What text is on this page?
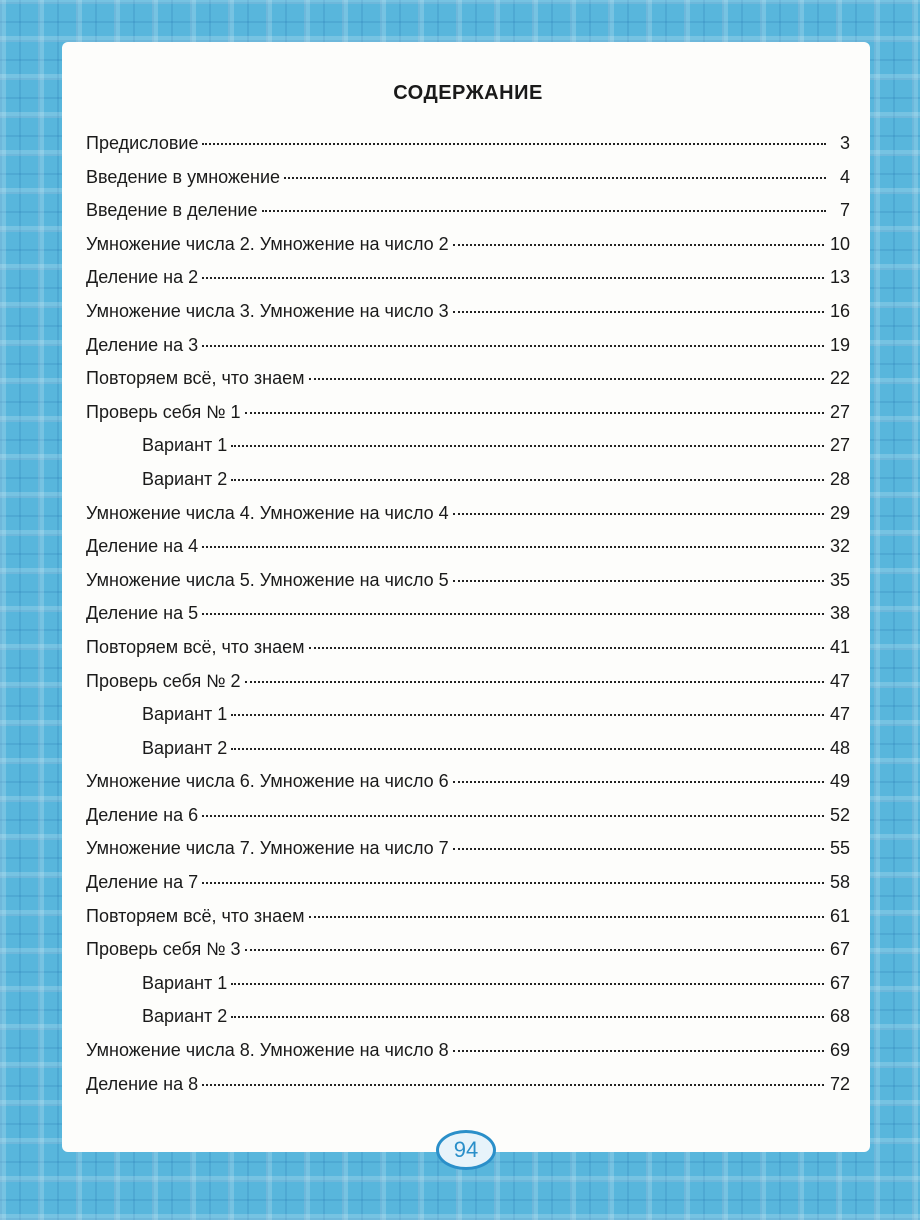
СОДЕРЖАНИЕ
Предисловие	3
Введение в умножение	4
Введение в деление	7
Умножение числа 2. Умножение на число 2	10
Деление на 2	13
Умножение числа 3. Умножение на число 3	16
Деление на 3	19
Повторяем всё, что знаем	22
Проверь себя № 1	27
Вариант 1	27
Вариант 2	28
Умножение числа 4. Умножение на число 4	29
Деление на 4	32
Умножение числа 5. Умножение на число 5	35
Деление на 5	38
Повторяем всё, что знаем	41
Проверь себя № 2	47
Вариант 1	47
Вариант 2	48
Умножение числа 6. Умножение на число 6	49
Деление на 6	52
Умножение числа 7. Умножение на число 7	55
Деление на 7	58
Повторяем всё, что знаем	61
Проверь себя № 3	67
Вариант 1	67
Вариант 2	68
Умножение числа 8. Умножение на число 8	69
Деление на 8	72
94
